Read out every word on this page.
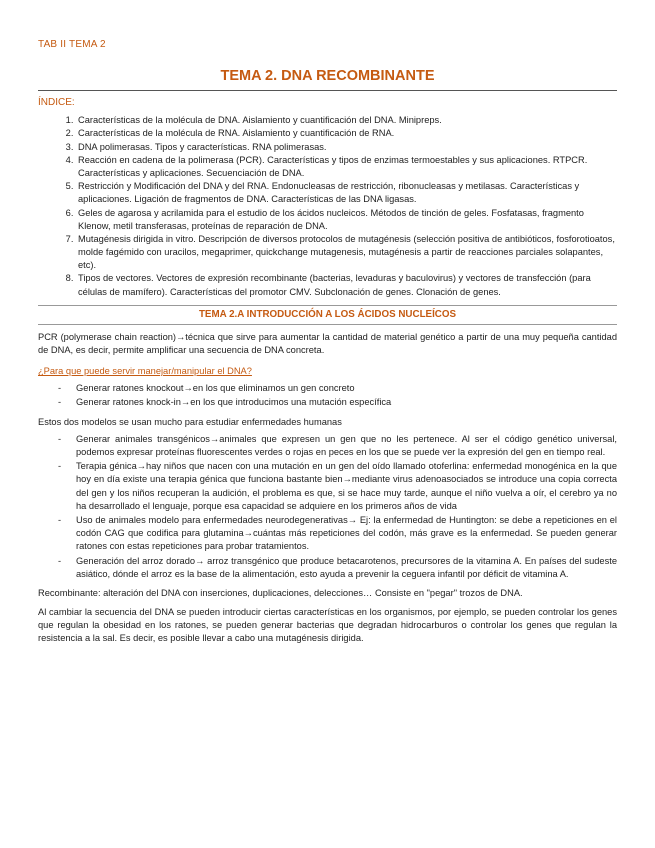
TAB II TEMA 2
TEMA 2. DNA RECOMBINANTE
ÍNDICE:
1. Características de la molécula de DNA. Aislamiento y cuantificación del DNA. Minipreps.
2. Características de la molécula de RNA. Aislamiento y cuantificación de RNA.
3. DNA polimerasas. Tipos y características. RNA polimerasas.
4. Reacción en cadena de la polimerasa (PCR). Características y tipos de enzimas termoestables y sus aplicaciones. RTPCR. Características y aplicaciones. Secuenciación de DNA.
5. Restricción y Modificación del DNA y del RNA. Endonucleasas de restricción, ribonucleasas y metilasas. Características y aplicaciones. Ligación de fragmentos de DNA. Características de las DNA ligasas.
6. Geles de agarosa y acrilamida para el estudio de los ácidos nucleicos. Métodos de tinción de geles. Fosfatasas, fragmento Klenow, metil transferasas, proteínas de reparación de DNA.
7. Mutagénesis dirigida in vitro. Descripción de diversos protocolos de mutagénesis (selección positiva de antibióticos, fosforotioatos, molde fagémido con uracilos, megaprimer, quickchange mutagenesis, mutagénesis a partir de reacciones parciales solapantes, etc).
8. Tipos de vectores. Vectores de expresión recombinante (bacterias, levaduras y baculovirus) y vectores de transfección (para células de mamífero). Características del promotor CMV. Subclonación de genes. Clonación de genes.
TEMA 2.A INTRODUCCIÓN A LOS ÁCIDOS NUCLEÍCOS

PCR (polymerase chain reaction)→técnica que sirve para aumentar la cantidad de material genético a partir de una muy pequeña cantidad de DNA, es decir, permite amplificar una secuencia de DNA concreta.

¿Para que puede servir manejar/manipular el DNA?
- Generar ratones knockout→en los que eliminamos un gen concreto
- Generar ratones knock-in→en los que introducimos una mutación específica

Estos dos modelos se usan mucho para estudiar enfermedades humanas

- Generar animales transgénicos→animales que expresen un gen que no les pertenece. Al ser el código genético universal, podemos expresar proteínas fluorescentes verdes o rojas en peces en los que se puede ver la expresión del gen en tiempo real.
- Terapia génica→hay niños que nacen con una mutación en un gen del oído llamado otoferlina: enfermedad monogénica en la que hoy en día existe una terapia génica que funciona bastante bien→mediante virus adenoasociados se introduce una copia correcta del gen y los niños recuperan la audición, el problema es que, si se hace muy tarde, aunque el niño vuelva a oír, el cerebro ya no ha desarrollado el lenguaje, porque esa capacidad se adquiere en los primeros años de vida
- Uso de animales modelo para enfermedades neurodegenerativas→ Ej: la enfermedad de Huntington: se debe a repeticiones en el codón CAG que codifica para glutamina→cuántas más repeticiones del codón, más grave es la enfermedad. Se pueden generar ratones con estas repeticiones para probar tratamientos.
- Generación del arroz dorado→ arroz transgénico que produce betacarotenos, precursores de la vitamina A. En países del sudeste asiático, dónde el arroz es la base de la alimentación, esto ayuda a prevenir la ceguera infantil por déficit de vitamina A.

Recombinante: alteración del DNA con inserciones, duplicaciones, delecciones… Consiste en "pegar" trozos de DNA.

Al cambiar la secuencia del DNA se pueden introducir ciertas características en los organismos, por ejemplo, se pueden controlar los genes que regulan la obesidad en los ratones, se pueden generar bacterias que degradan hidrocarburos o controlar los genes que regulan la resistencia a la sal. Es decir, es posible llevar a cabo una mutagénesis dirigida.
